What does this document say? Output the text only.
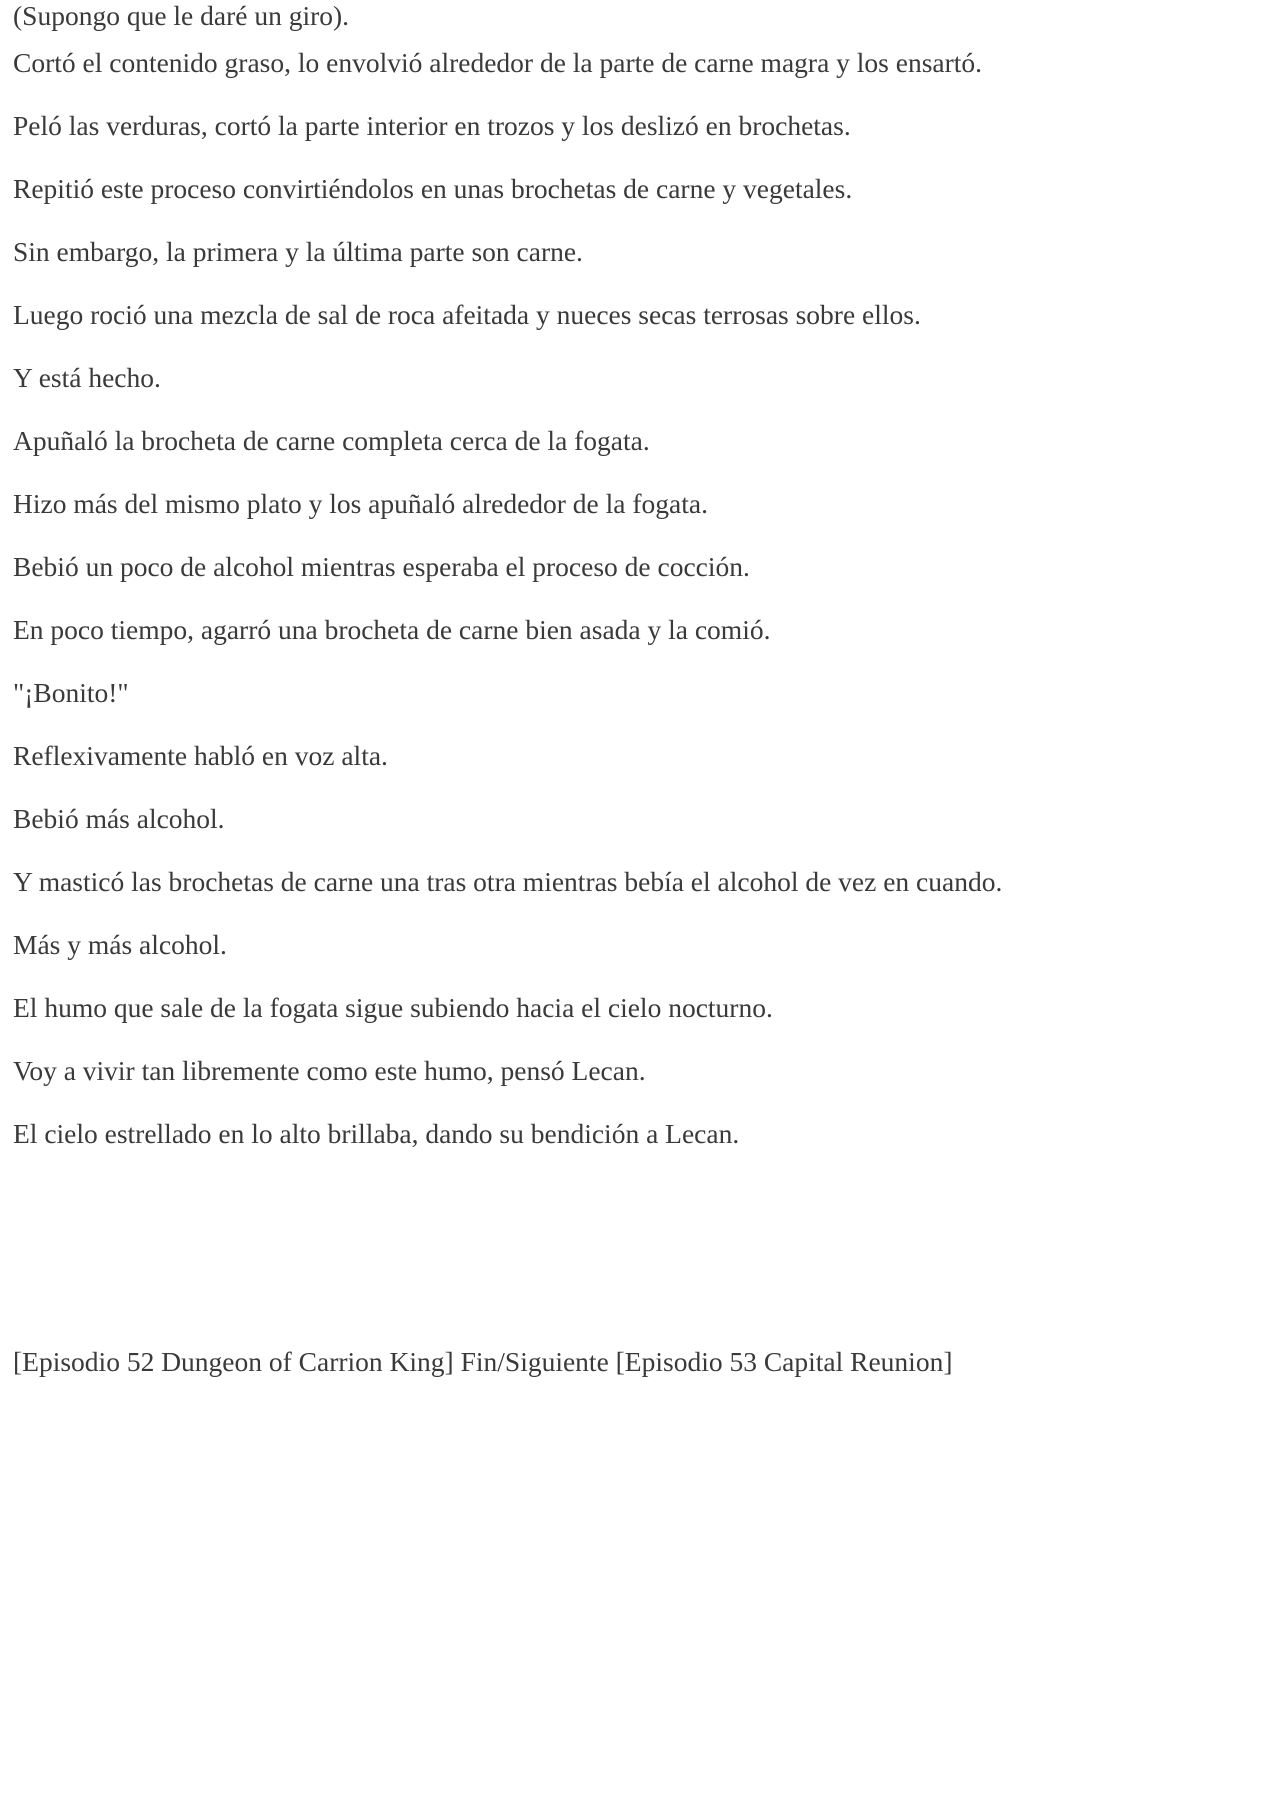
(Supongo que le daré un giro).

Cortó el contenido graso, lo envolvió alrededor de la parte de carne magra y los ensartó.

Peló las verduras, cortó la parte interior en trozos y los deslizó en brochetas.

Repitió este proceso convirtiéndolos en unas brochetas de carne y vegetales.

Sin embargo, la primera y la última parte son carne.

Luego roció una mezcla de sal de roca afeitada y nueces secas terrosas sobre ellos.

Y está hecho.

Apuñaló la brocheta de carne completa cerca de la fogata.

Hizo más del mismo plato y los apuñaló alrededor de la fogata.

Bebió un poco de alcohol mientras esperaba el proceso de cocción.

En poco tiempo, agarró una brocheta de carne bien asada y la comió.

"¡Bonito!"

Reflexivamente habló en voz alta.

Bebió más alcohol.

Y masticó las brochetas de carne una tras otra mientras bebía el alcohol de vez en cuando.

Más y más alcohol.

El humo que sale de la fogata sigue subiendo hacia el cielo nocturno.

Voy a vivir tan libremente como este humo, pensó Lecan.

El cielo estrellado en lo alto brillaba, dando su bendición a Lecan.

[Episodio 52 Dungeon of Carrion King] Fin/Siguiente [Episodio 53 Capital Reunion]
